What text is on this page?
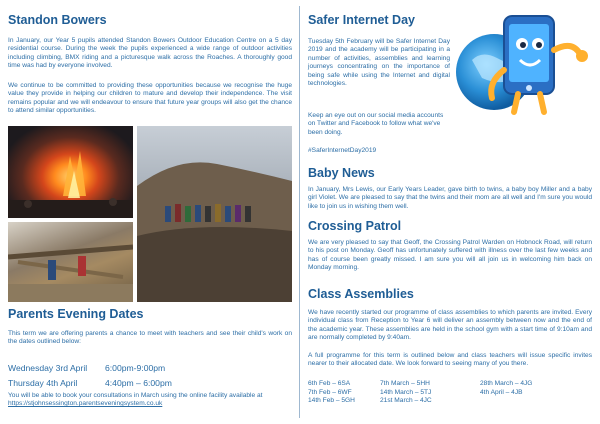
Standon Bowers

In January, our Year 5 pupils attended Standon Bowers Outdoor Education Centre on a 5 day residential course. During the week the pupils experienced a wide range of outdoor activities including climbing, BMX riding and a picturesque walk across the Roaches. A thoroughly good time was had by everyone involved.

We continue to be committed to providing these opportunities because we recognise the huge value they provide in helping our children to mature and develop their independence. The visit remains popular and we will endeavour to ensure that future year groups will also get the chance to attend similar opportunities.

Parents Evening Dates

This term we are offering parents a chance to meet with teachers and see their child's work on the dates outlined below:

Wednesday 3rd April	6:00pm-9:00pm
Thursday 4th April	4:40pm – 6:00pm

You will be able to book your consultations in March using the online facility available at https://stjohnsessington.parentseveningsystem.co.uk

Safer Internet Day

Tuesday 5th February will be Safer Internet Day 2019 and the academy will be participating in a number of activities, assemblies and learning journeys concentrating on the importance of being safe while using the Internet and digital technologies.

Keep an eye out on our social media accounts on Twitter and Facebook to follow what we've been doing.

#SaferInternetDay2019

Baby News

In January, Mrs Lewis, our Early Years Leader, gave birth to twins, a baby boy Miller and a baby girl Violet. We are pleased to say that the twins and their mom are all well and I'm sure you would like to join us in wishing them well.

Crossing Patrol

We are very pleased to say that Geoff, the Crossing Patrol Warden on Hobnock Road, will return to his post on Monday. Geoff has unfortunately suffered with illness over the last few weeks and has of course been greatly missed. I am sure you will all join us in welcoming him back on Monday morning.

Class Assemblies

We have recently started our programme of class assemblies to which parents are invited. Every individual class from Reception to Year 6 will deliver an assembly between now and the end of the academic year. These assemblies are held in the school gym with a start time of 9:10am and are normally completed by 9:40am.

A full programme for this term is outlined below and class teachers will issue specific invites nearer to their allocated date. We look forward to seeing many of you there.

6th Feb – 6SA
7th Feb – 6WF
14th Feb – 5GH
7th March – 5HH
14th March – 5TJ
21st March – 4JC
28th March – 4JG
4th April – 4JB
